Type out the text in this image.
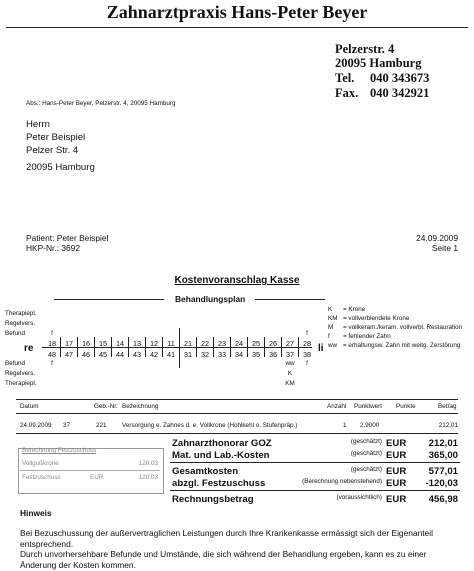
Zahnarztpraxis Hans-Peter Beyer
Pelzerstr. 4
20095 Hamburg
Tel. 040 343673
Fax. 040 342921
Abs.: Hans-Peter Beyer, Pelzerstr. 4, 20095 Hamburg
Herrn
Peter Beispiel
Pelzer Str. 4
20095 Hamburg
Patient: Peter Beispiel
HKP-Nr.: 3692
24.09.2009
Seite 1
Kostenvoranschlag Kasse
Behandlungsplan
Therapiepl.
Regelvers.
Befund
re	li
Befund
Regelvers.
Therapiepl.
18	17	16	15	14	13	12	11	21	22	23	24	25	26	27	28
48	47	46	45	44	43	42	41	31	32	33	34	35	36	37	38
f	f
f	ww	f
K
KM
K = Krone
KM = vollverblendete Krone
M = vollkeram./keram. vollverbl. Restauration
f = fehlender Zahn
ww = erhaltungsw. Zahn mit weitg. Zerstörung
Datum	Geb.-Nr. Bezeichnung	Anzahl Punktwert Punkte	Betrag
24.09.2009 37	221 Versorgung e. Zahnes d. e. Vollkrone (Hohlkehl o. Stufenpräp.)	1 2,9000	212,01
Berechnung Festzuschuss
Vollgußkrone	120.03
Festzuschuss	EUR	120.03
Zahnarzthonorar GOZ	(geschätzt) EUR	212,01
Mat. und Lab.-Kosten	(geschätzt) EUR	365,00
Gesamtkosten	(geschätzt) EUR	577,01
abzgl. Festzuschuss	(Berechnung nebenstehend) EUR	-120,03
Rechnungsbetrag	(voraussichtlich) EUR	456,98
Hinweis
Bei Bezuschussung der außervertraglichen Leistungen durch Ihre Krankenkasse ermässigt sich der Eigenanteil entsprechend.
Durch unvorhersehbare Befunde und Umstände, die sich während der Behandlung ergeben, kann es zu einer
Änderung der Kosten kommen.
